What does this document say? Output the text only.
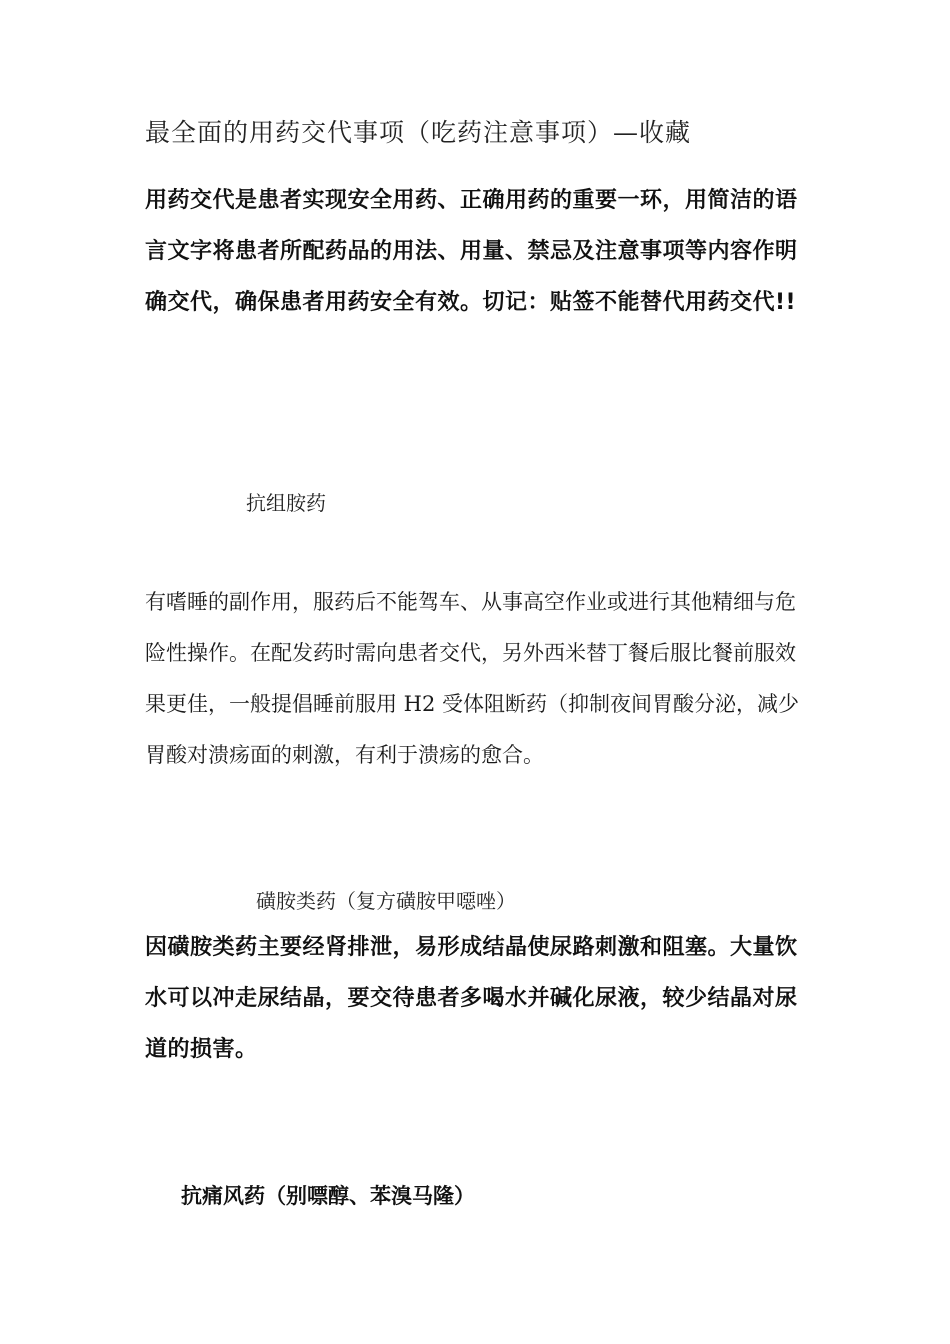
最全面的用药交代事项（吃药注意事项）—收藏

用药交代是患者实现安全用药、正确用药的重要一环，用简洁的语言文字将患者所配药品的用法、用量、禁忌及注意事项等内容作明确交代，确保患者用药安全有效。切记：贴签不能替代用药交代!!

抗组胺药

有嗜睡的副作用，服药后不能驾车、从事高空作业或进行其他精细与危险性操作。在配发药时需向患者交代，另外西米替丁餐后服比餐前服效果更佳，一般提倡睡前服用 H2 受体阻断药（抑制夜间胃酸分泌，减少胃酸对溃疡面的刺激，有利于溃疡的愈合。

磺胺类药（复方磺胺甲噁唑）

因磺胺类药主要经肾排泄，易形成结晶使尿路刺激和阻塞。大量饮水可以冲走尿结晶，要交待患者多喝水并碱化尿液，较少结晶对尿道的损害。

抗痛风药（别嘌醇、苯溴马隆）
